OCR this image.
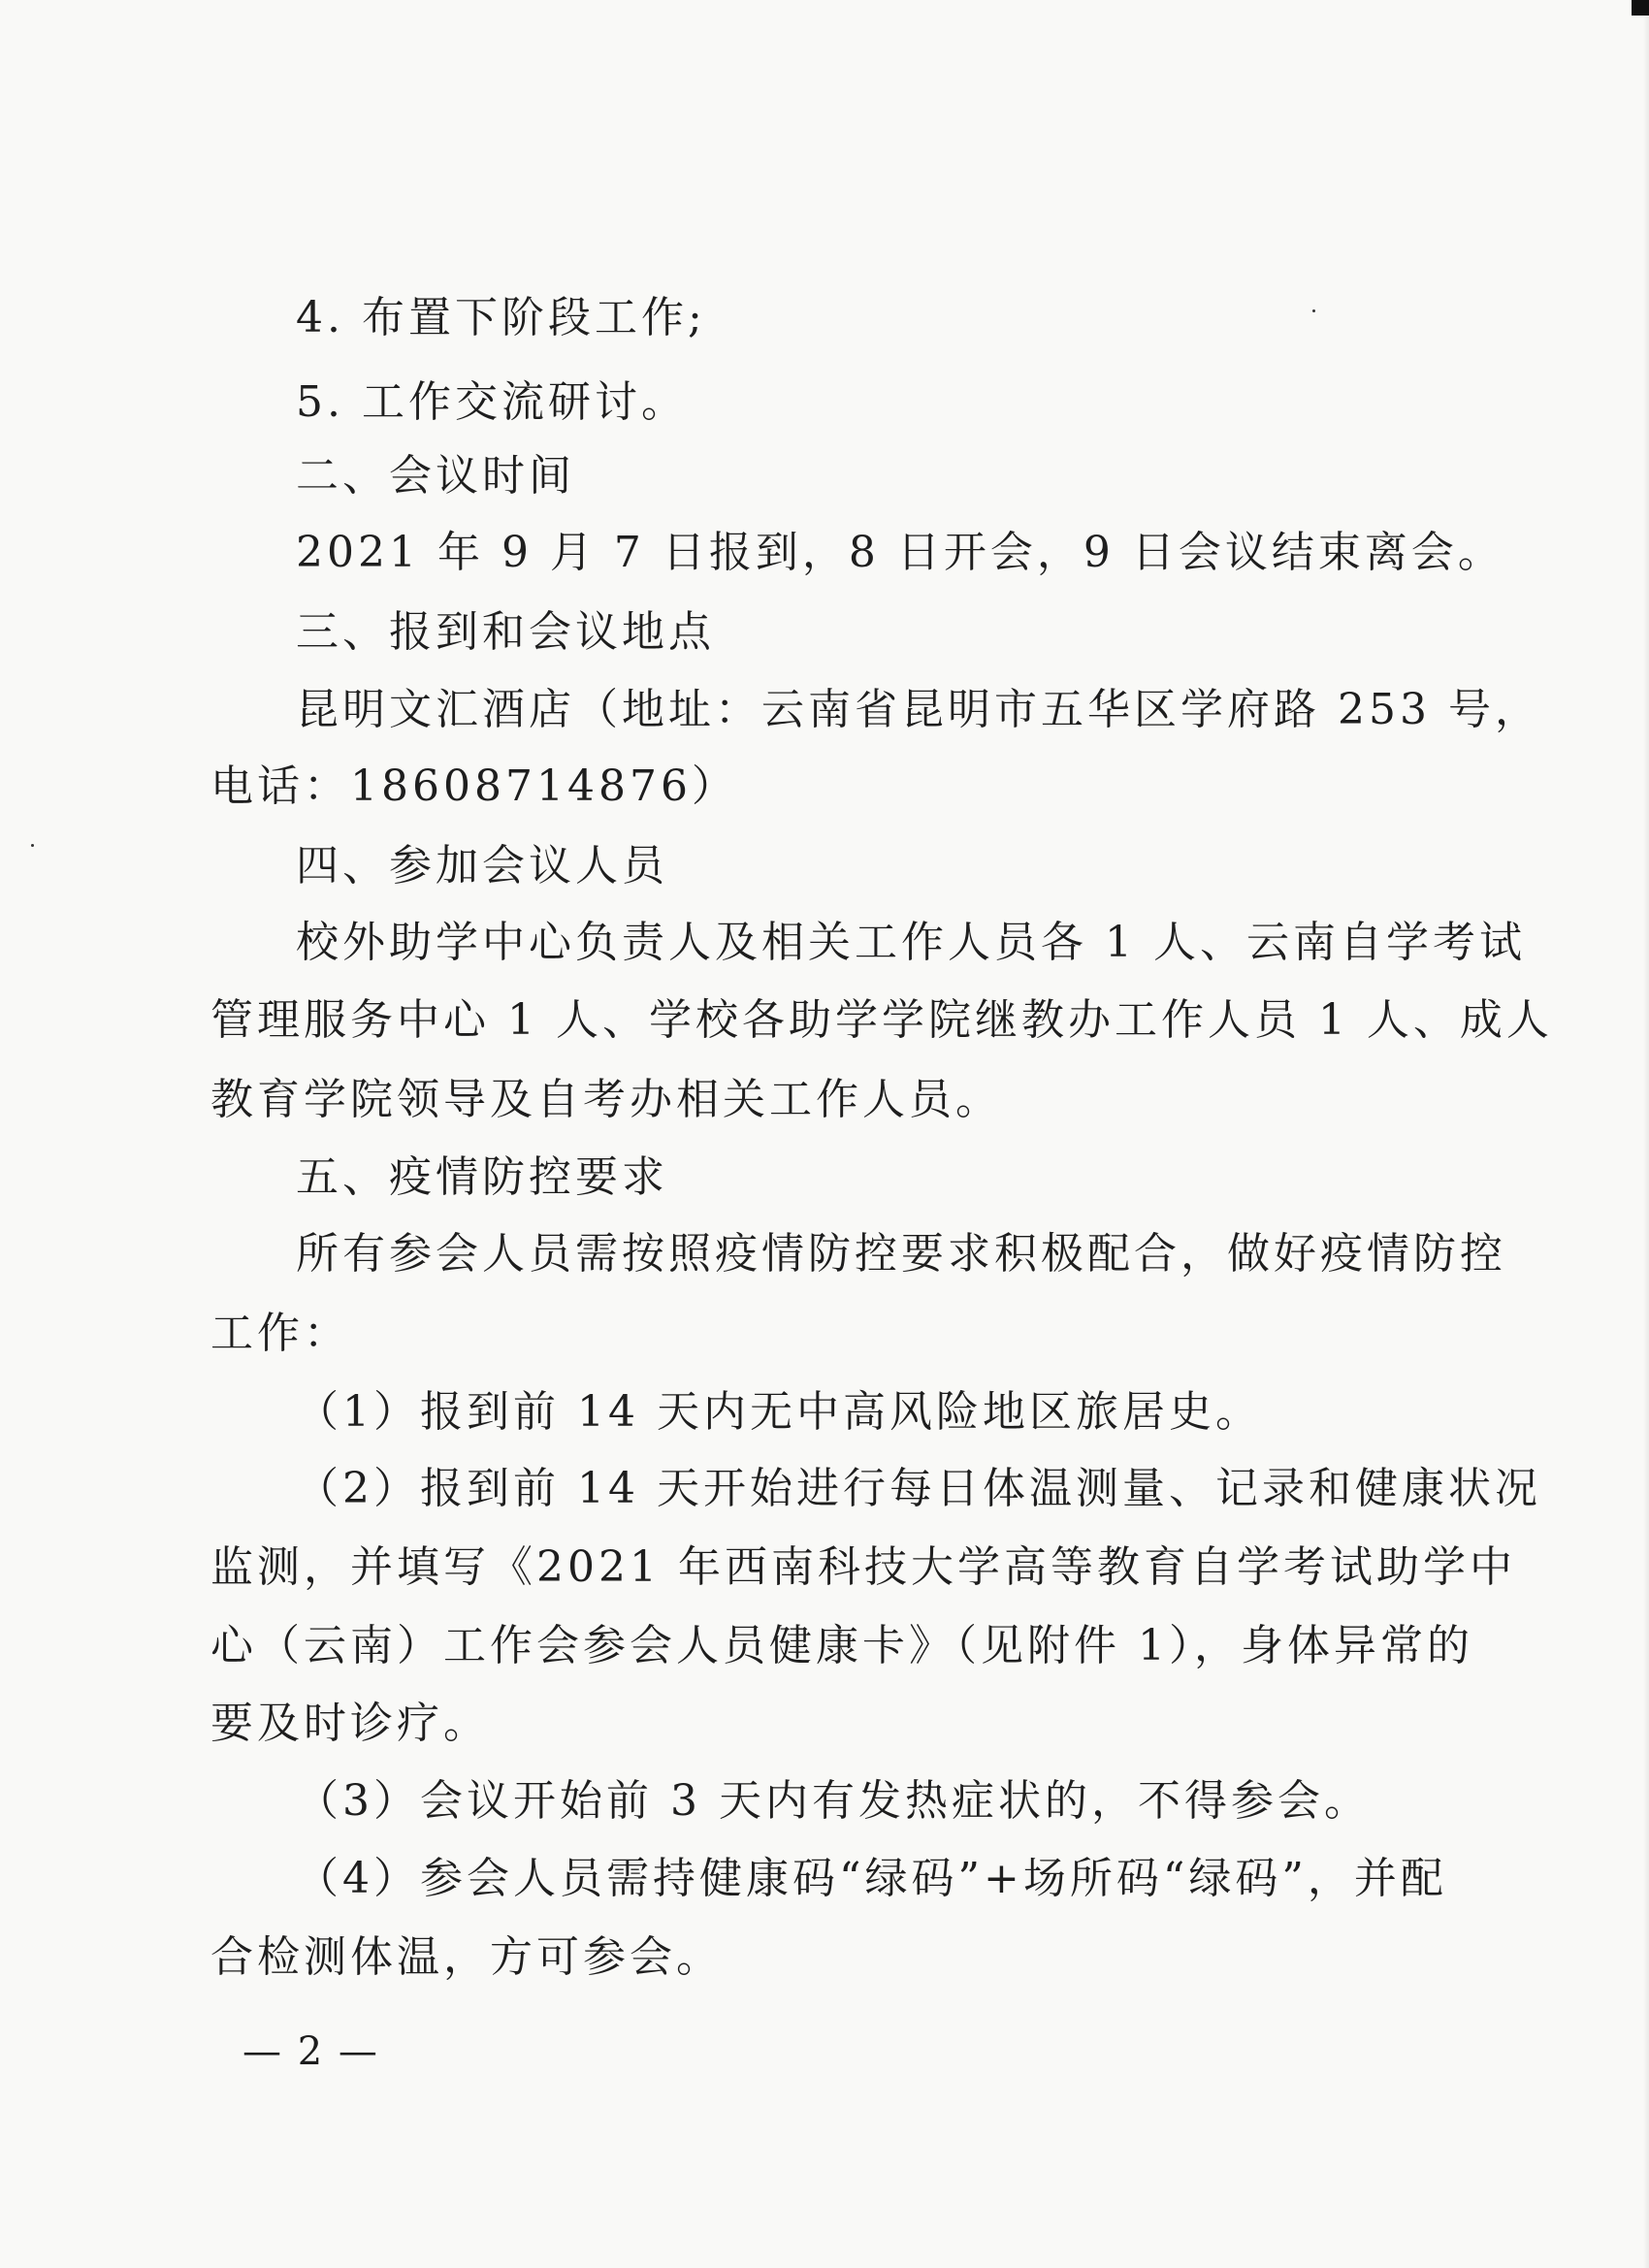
4. 布置下阶段工作;
5. 工作交流研讨。
二、会议时间
2021 年 9 月 7 日报到，8 日开会，9 日会议结束离会。
三、报到和会议地点
昆明文汇酒店（地址：云南省昆明市五华区学府路 253 号，
电话：18608714876）
四、参加会议人员
校外助学中心负责人及相关工作人员各 1 人、云南自学考试
管理服务中心 1 人、学校各助学学院继教办工作人员 1 人、成人
教育学院领导及自考办相关工作人员。
五、疫情防控要求
所有参会人员需按照疫情防控要求积极配合，做好疫情防控
工作：
（1）报到前 14 天内无中高风险地区旅居史。
（2）报到前 14 天开始进行每日体温测量、记录和健康状况
监测，并填写《2021 年西南科技大学高等教育自学考试助学中
心（云南）工作会参会人员健康卡》（见附件 1），身体异常的
要及时诊疗。
（3）会议开始前 3 天内有发热症状的，不得参会。
（4）参会人员需持健康码“绿码”+场所码“绿码”，并配
合检测体温，方可参会。
— 2 —
